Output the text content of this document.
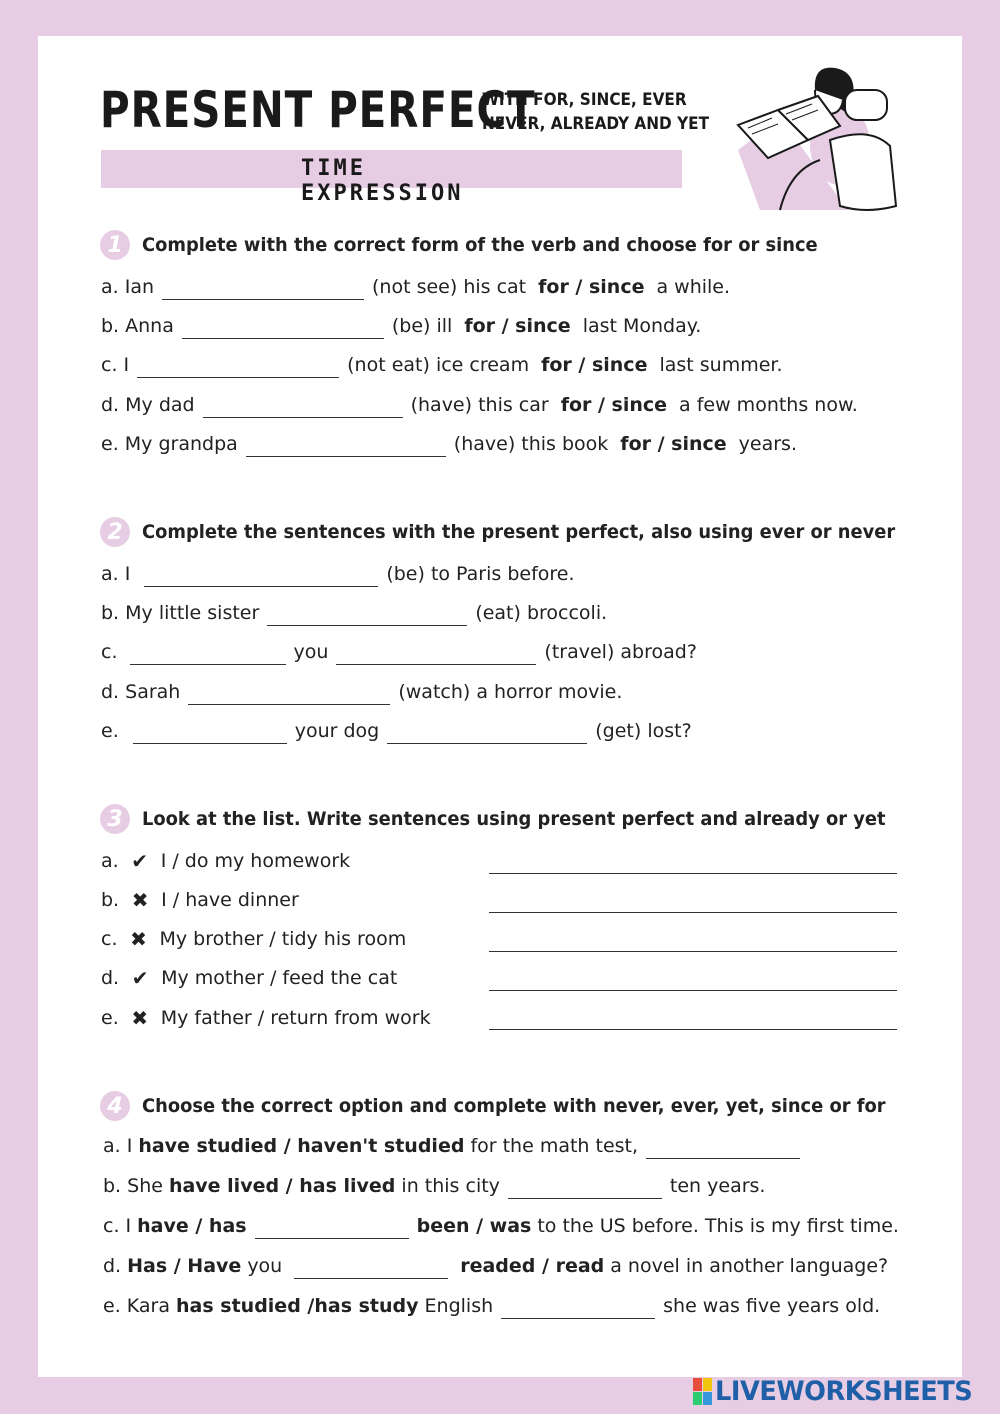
PRESENT PERFECT
WITH FOR, SINCE, EVER
NEVER, ALREADY AND YET
TIME EXPRESSION
1	Complete with the correct form of the verb and choose for or since
a. Ian	(not see) his cat for / since a while.
b. Anna	(be) ill for / since last Monday.
c. I	(not eat) ice cream for / since last summer.
d. My dad	(have) this car for / since a few months now.
e. My grandpa	(have) this book for / since years.
2	Complete the sentences with the present perfect, also using ever or never
a. I	(be) to Paris before.
b. My little sister	(eat) broccoli.
c.	you	(travel) abroad?
d. Sarah	(watch) a horror movie.
e.	your dog	(get) lost?
3	Look at the list. Write sentences using present perfect and already or yet
a. ✔ I / do my homework
b. ✖ I / have dinner
c. ✖ My brother / tidy his room
d. ✔ My mother / feed the cat
e. ✖ My father / return from work
4	Choose the correct option and complete with never, ever, yet, since or for
a. I have studied / haven't studied for the math test,
b. She have lived / has lived in this city	ten years.
c. I have / has	been / was to the US before. This is my first time.
d. Has / Have you	readed / read a novel in another language?
e. Kara has studied /has study English	she was five years old.
LIVEWORKSHEETS
